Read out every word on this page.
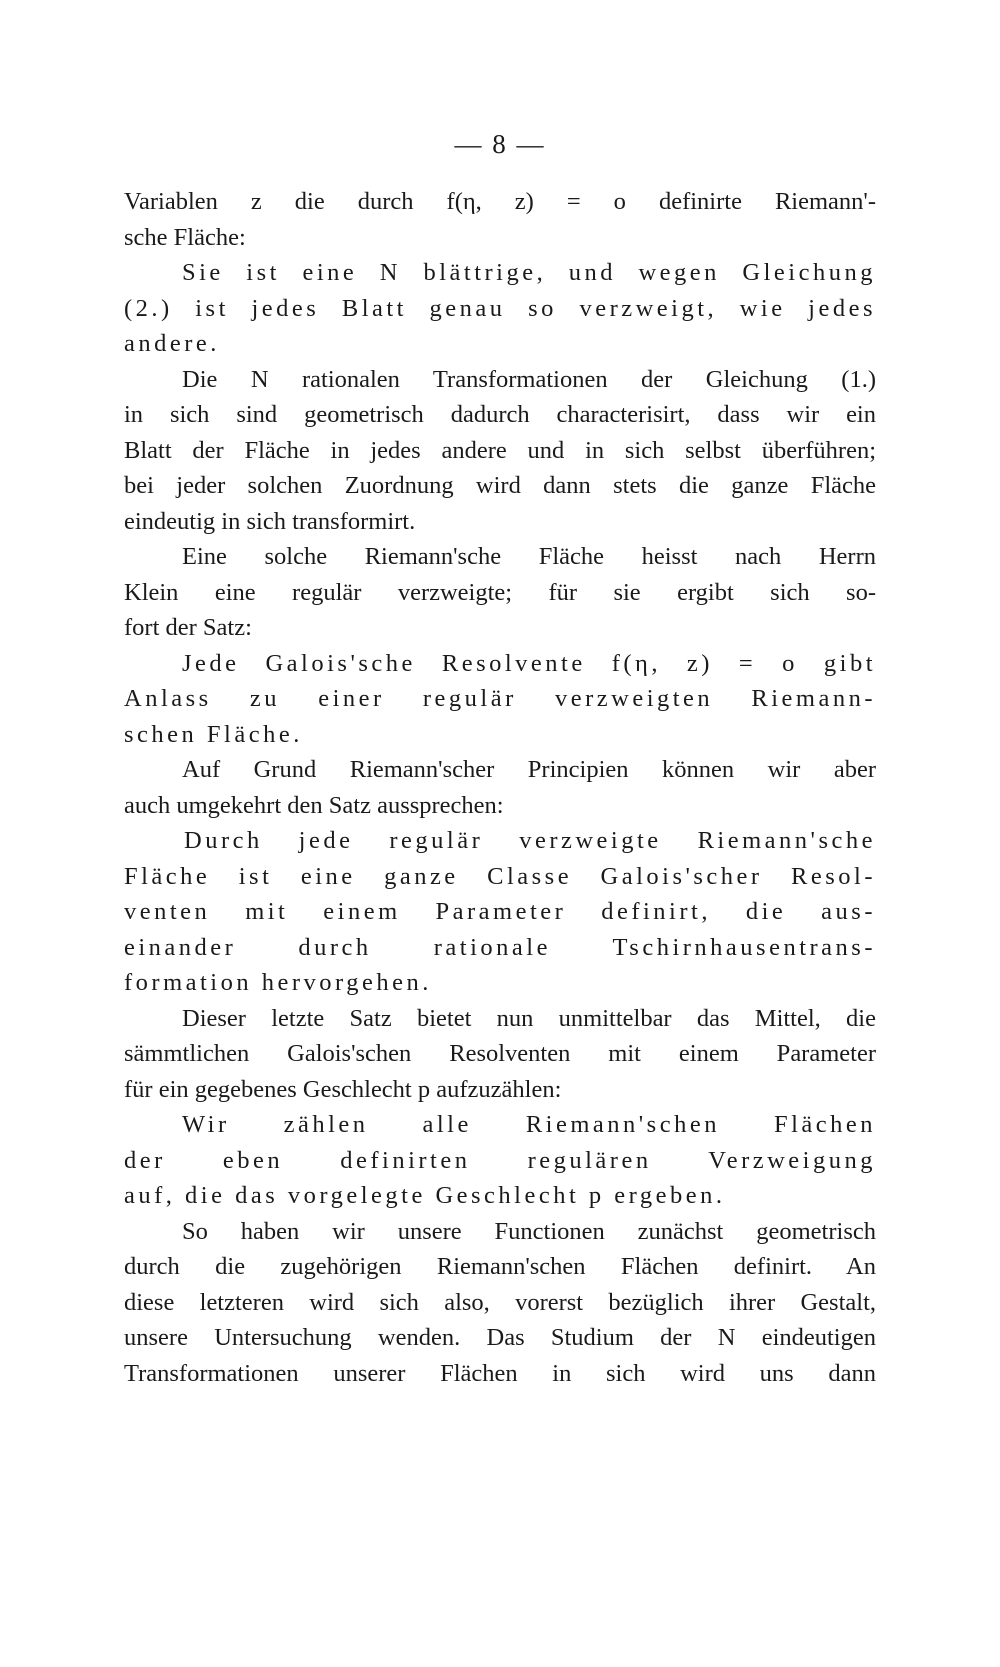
— 8 —
Variablen z die durch f(η, z) = o definirte Riemann'-
sche Fläche:
Sie ist eine N blättrige, und wegen Gleichung
(2.) ist jedes Blatt genau so verzweigt, wie jedes
andere.
Die N rationalen Transformationen der Gleichung (1.)
in sich sind geometrisch dadurch characterisirt, dass wir ein
Blatt der Fläche in jedes andere und in sich selbst überführen;
bei jeder solchen Zuordnung wird dann stets die ganze Fläche
eindeutig in sich transformirt.
Eine solche Riemann'sche Fläche heisst nach Herrn
Klein eine regulär verzweigte; für sie ergibt sich so-
fort der Satz:
Jede Galois'sche Resolvente f(η, z) = o gibt
Anlass zu einer regulär verzweigten Riemann-
schen Fläche.
Auf Grund Riemann'scher Principien können wir aber
auch umgekehrt den Satz aussprechen:
Durch jede regulär verzweigte Riemann'sche
Fläche ist eine ganze Classe Galois'scher Resol-
venten mit einem Parameter definirt, die aus-
einander durch rationale Tschirnhausentrans-
formation hervorgehen.
Dieser letzte Satz bietet nun unmittelbar das Mittel, die
sämmtlichen Galois'schen Resolventen mit einem Parameter
für ein gegebenes Geschlecht p aufzuzählen:
Wir zählen alle Riemann'schen Flächen
der eben definirten regulären Verzweigung
auf, die das vorgelegte Geschlecht p ergeben.
So haben wir unsere Functionen zunächst geometrisch
durch die zugehörigen Riemann'schen Flächen definirt. An
diese letzteren wird sich also, vorerst bezüglich ihrer Gestalt,
unsere Untersuchung wenden. Das Studium der N eindeutigen
Transformationen unserer Flächen in sich wird uns dann
